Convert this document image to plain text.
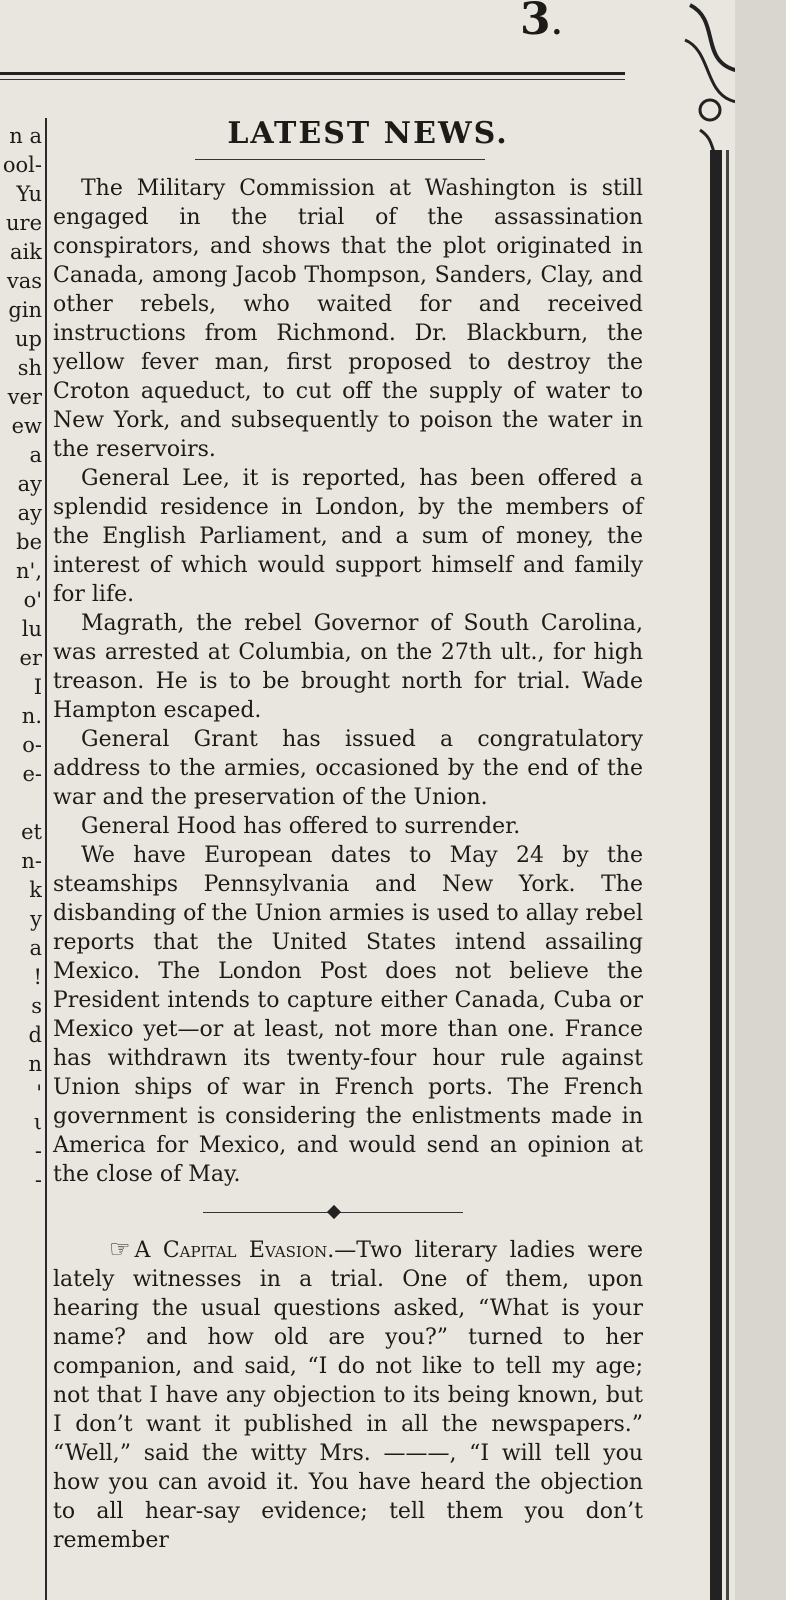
3.
n a
ool-
Yu
ure
aik
vas
gin
up
sh
ver
ew
a
ay
ay
be
n',
o'
lu
er
I
n.
o-
e-
et
n-
k
y
a
!
s
d
n
'
ι
-
-
LATEST NEWS.

The Military Commission at Washington is still engaged in the trial of the assassination conspirators, and shows that the plot originated in Canada, among Jacob Thompson, Sanders, Clay, and other rebels, who waited for and received instructions from Richmond. Dr. Blackburn, the yellow fever man, first proposed to destroy the Croton aqueduct, to cut off the supply of water to New York, and subsequently to poison the water in the reservoirs.

General Lee, it is reported, has been offered a splendid residence in London, by the members of the English Parliament, and a sum of money, the interest of which would support himself and family for life.

Magrath, the rebel Governor of South Carolina, was arrested at Columbia, on the 27th ult., for high treason. He is to be brought north for trial. Wade Hampton escaped.

General Grant has issued a congratulatory address to the armies, occasioned by the end of the war and the preservation of the Union.

General Hood has offered to surrender.

We have European dates to May 24 by the steamships Pennsylvania and New York. The disbanding of the Union armies is used to allay rebel reports that the United States intend assailing Mexico. The London Post does not believe the President intends to capture either Canada, Cuba or Mexico yet—or at least, not more than one. France has withdrawn its twenty-four hour rule against Union ships of war in French ports. The French government is considering the enlistments made in America for Mexico, and would send an opinion at the close of May.

☞ A Capital Evasion.—Two literary ladies were lately witnesses in a trial. One of them, upon hearing the usual questions asked, “What is your name? and how old are you?” turned to her companion, and said, “I do not like to tell my age; not that I have any objection to its being known, but I don’t want it published in all the newspapers.” “Well,” said the witty Mrs. ———, “I will tell you how you can avoid it. You have heard the objection to all hear-say evidence; tell them you don’t remember
